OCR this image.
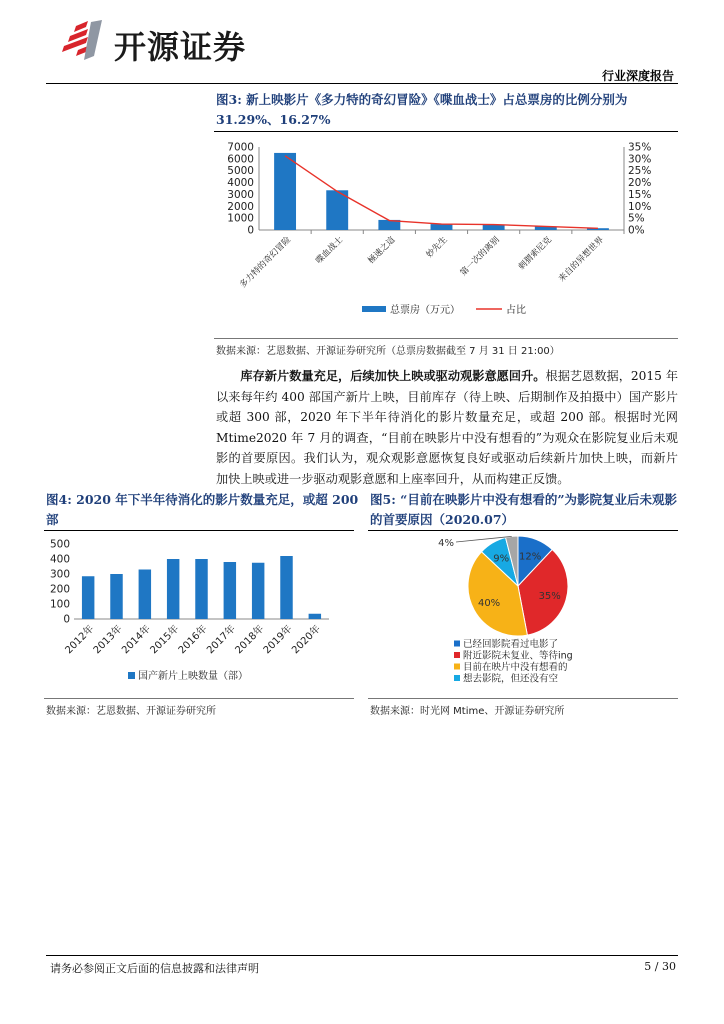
开源证券
行业深度报告
图3: 新上映影片《多力特的奇幻冒险》《喋血战士》占总票房的比例分别为 31.29%、16.27%
0
1000
2000
3000
4000
5000
6000
7000
0%
5%
10%
15%
20%
25%
30%
35%
多力特的奇幻冒险 喋血战士 極速之這	妙先生 第一次的离别 刺猬索尼克 来自的异想世界
总票房（万元）	占比
数据来源：艺恩数据、开源证券研究所（总票房数据截至 7 月 31 日 21:00）
库存新片数量充足，后续加快上映或驱动观影意愿回升。根据艺恩数据，2015 年以来每年约 400 部国产新片上映，目前库存（待上映、后期制作及拍摄中）国产影片或超 300 部，2020 年下半年待消化的影片数量充足，或超 200 部。根据时光网 Mtime2020 年 7 月的调查，“目前在映影片中没有想看的”为观众在影院复业后未观影的首要原因。我们认为，观众观影意愿恢复良好或驱动后续新片加快上映，而新片加快上映或进一步驱动观影意愿和上座率回升，从而构建正反馈。
图4: 2020 年下半年待消化的影片数量充足，或超 200 部
0
100
200
300
400
500
2012年
2013年
2014年
2015年
2016年
2017年
2018年
2019年
2020年
国产新片上映数量（部）
数据来源：艺恩数据、开源证券研究所
图5: “目前在映影片中没有想看的”为影院复业后未观影的首要原因（2020.07）
12%
35%
40%
9%
4%
已经回影院看过电影了
附近影院未复业、等待ing
目前在映片中没有想看的
想去影院，但还没有空
数据来源：时光网 Mtime、开源证券研究所
请务必参阅正文后面的信息披露和法律声明	5 / 30
